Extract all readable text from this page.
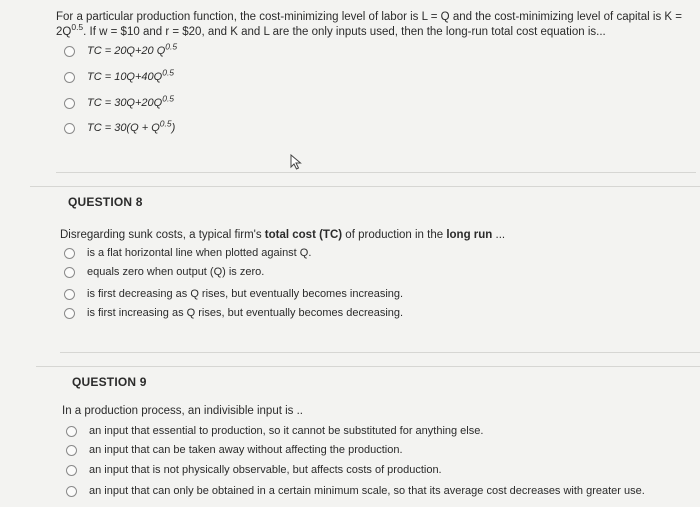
For a particular production function, the cost-minimizing level of labor is L = Q and the cost-minimizing level of capital is K =
$2Q^{0.5}$. If w = $10 and r = $20, and K and L are the only inputs used, then the long-run total cost equation is...
TC = 20Q+20 $Q^{0.5}$
TC = $10Q+40Q^{0.5}$
TC = $30Q+20Q^{0.5}$
TC = $30(Q + Q^{0.5})$
QUESTION 8
Disregarding sunk costs, a typical firm's total cost (TC) of production in the long run ...
is a flat horizontal line when plotted against Q.
equals zero when output (Q) is zero.
is first decreasing as Q rises, but eventually becomes increasing.
is first increasing as Q rises, but eventually becomes decreasing.
QUESTION 9
In a production process, an indivisible input is ..
an input that essential to production, so it cannot be substituted for anything else.
an input that can be taken away without affecting the production.
an input that is not physically observable, but affects costs of production.
an input that can only be obtained in a certain minimum scale, so that its average cost decreases with greater use.
